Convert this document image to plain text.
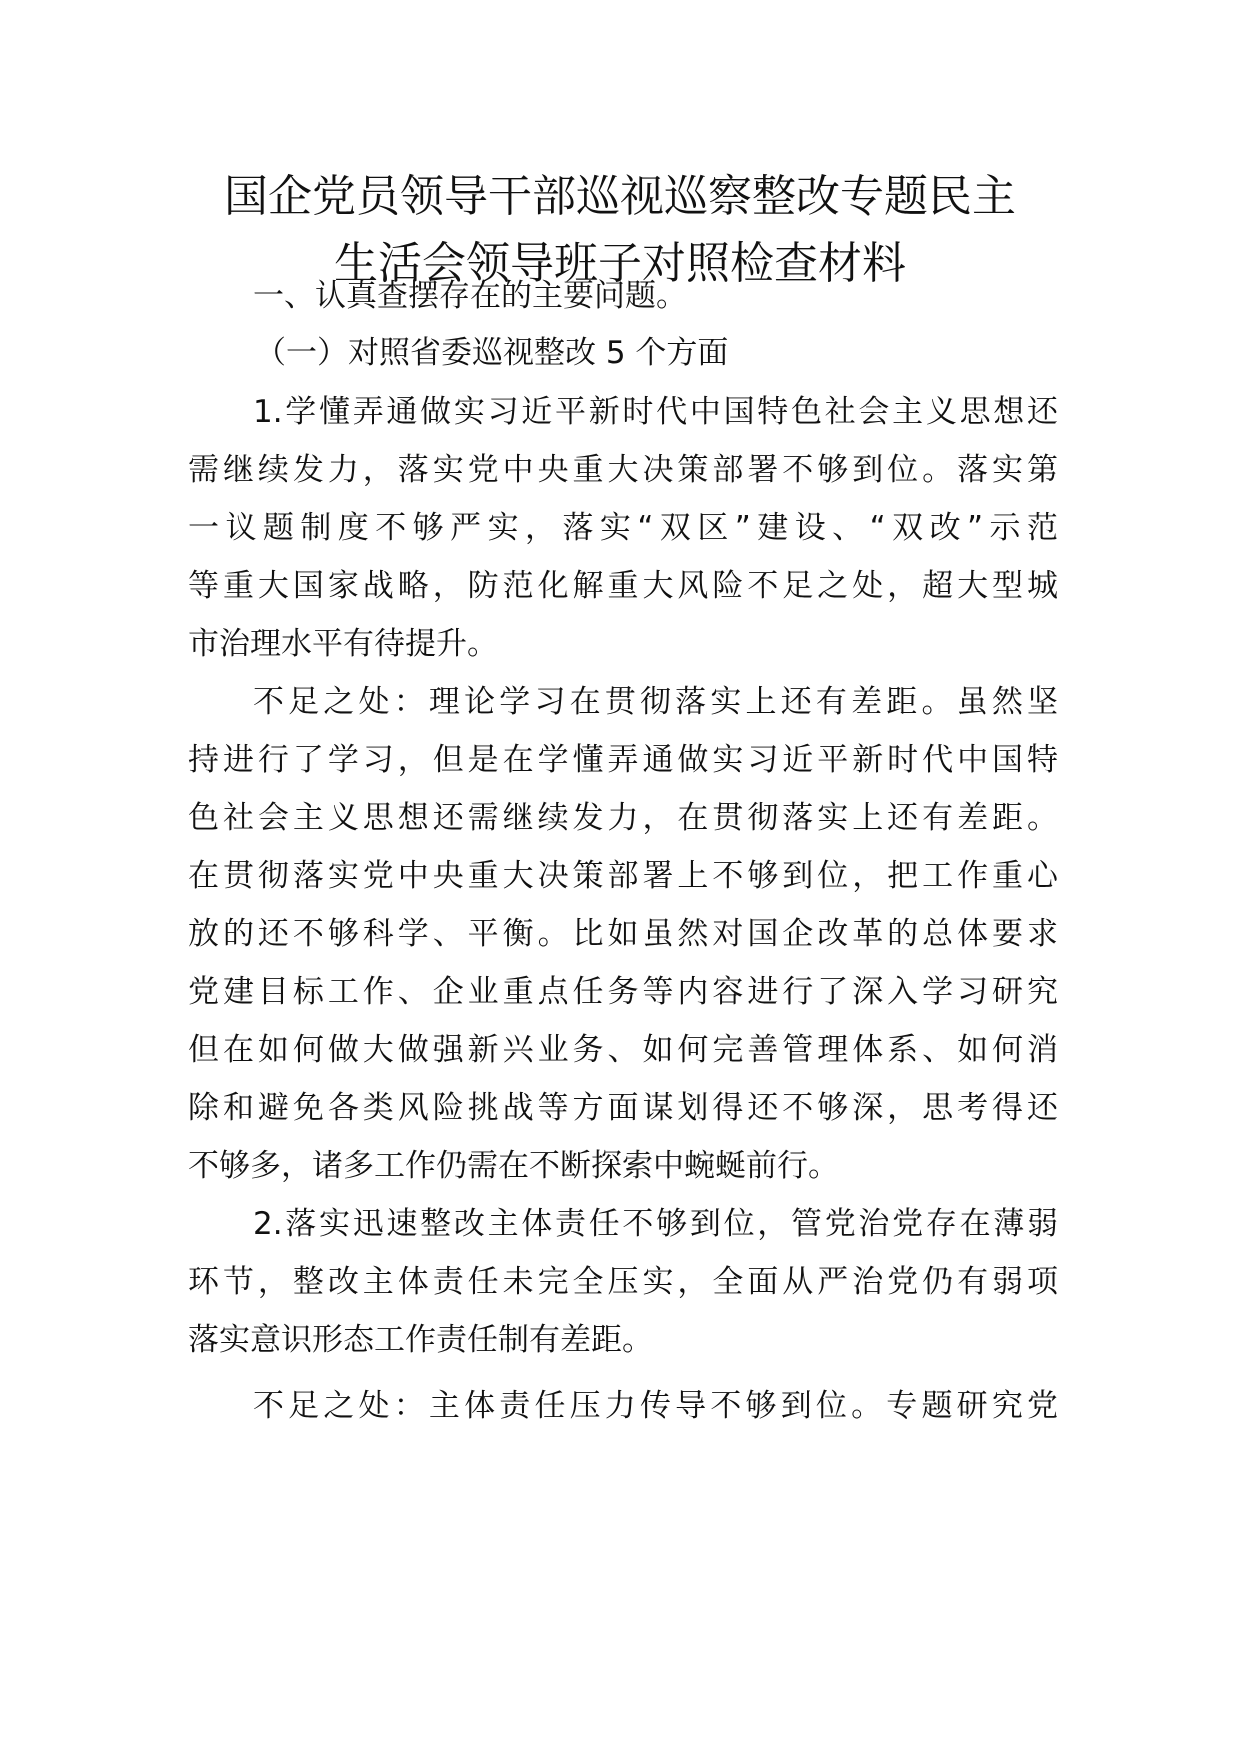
国企党员领导干部巡视巡察整改专题民主
生活会领导班子对照检查材料
一、认真查摆存在的主要问题。
（一）对照省委巡视整改 5 个方面
1.学懂弄通做实习近平新时代中国特色社会主义思想还
需继续发力，落实党中央重大决策部署不够到位。落实第
一议题制度不够严实，落实“双区”建设、“双改”示范
等重大国家战略，防范化解重大风险不足之处，超大型城
市治理水平有待提升。
不足之处：理论学习在贯彻落实上还有差距。虽然坚
持进行了学习，但是在学懂弄通做实习近平新时代中国特
色社会主义思想还需继续发力，在贯彻落实上还有差距。
在贯彻落实党中央重大决策部署上不够到位，把工作重心
放的还不够科学、平衡。比如虽然对国企改革的总体要求
党建目标工作、企业重点任务等内容进行了深入学习研究
但在如何做大做强新兴业务、如何完善管理体系、如何消
除和避免各类风险挑战等方面谋划得还不够深，思考得还
不够多，诸多工作仍需在不断探索中蜿蜒前行。
2.落实迅速整改主体责任不够到位，管党治党存在薄弱
环节，整改主体责任未完全压实，全面从严治党仍有弱项
落实意识形态工作责任制有差距。
不足之处：主体责任压力传导不够到位。专题研究党
